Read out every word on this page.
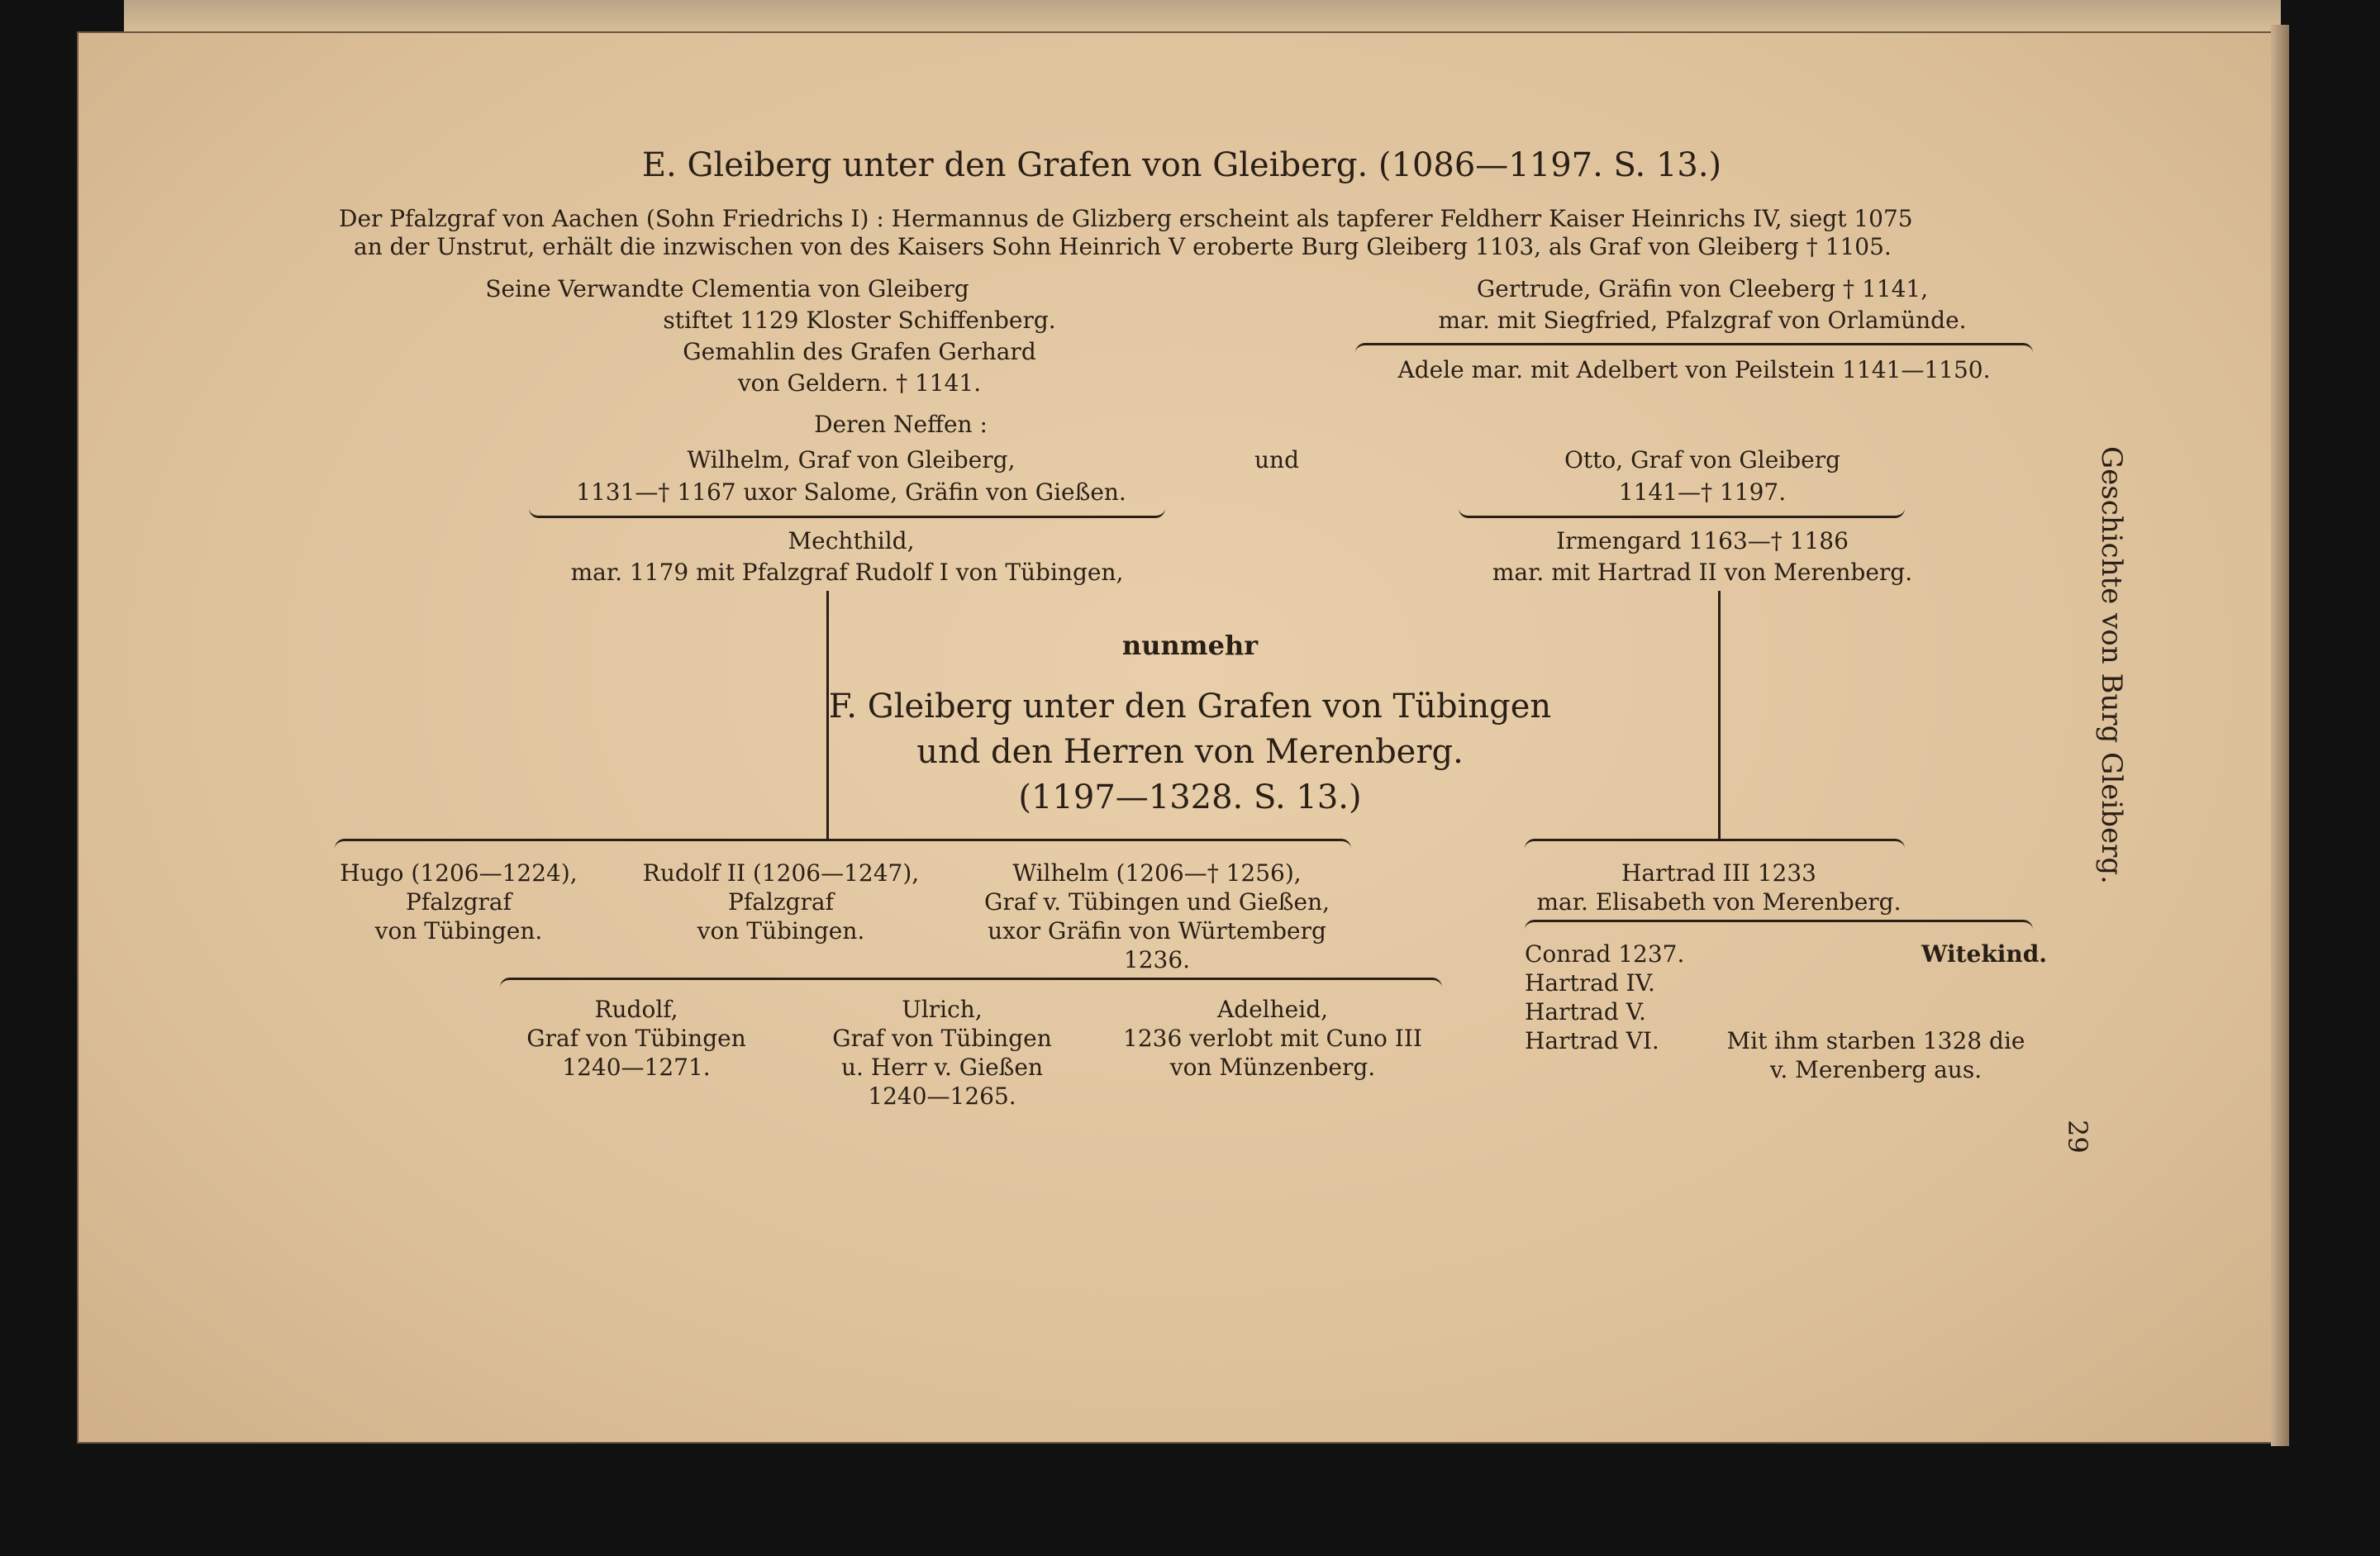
E. Gleiberg unter den Grafen von Gleiberg. (1086—1197. S. 13.)
Der Pfalzgraf von Aachen (Sohn Friedrichs I) : Hermannus de Glizberg erscheint als tapferer Feldherr Kaiser Heinrichs IV, siegt 1075
an der Unstrut, erhält die inzwischen von des Kaisers Sohn Heinrich V eroberte Burg Gleiberg 1103, als Graf von Gleiberg † 1105.
Seine Verwandte Clementia von Gleiberg
stiftet 1129 Kloster Schiffenberg.
Gemahlin des Grafen Gerhard
von Geldern. † 1141.
Gertrude, Gräfin von Cleeberg † 1141,
mar. mit Siegfried, Pfalzgraf von Orlamünde.
Adele mar. mit Adelbert von Peilstein 1141—1150.
Deren Neffen :
Wilhelm, Graf von Gleiberg,
1131—† 1167 uxor Salome, Gräfin von Gießen.
und	Otto, Graf von Gleiberg
1141—† 1197.
Mechthild,
mar. 1179 mit Pfalzgraf Rudolf I von Tübingen,
Irmengard 1163—† 1186
mar. mit Hartrad II von Merenberg.
nunmehr
F. Gleiberg unter den Grafen von Tübingen
und den Herren von Merenberg.
(1197—1328. S. 13.)
Hugo (1206—1224),
Pfalzgraf
von Tübingen.
Rudolf II (1206—1247),
Pfalzgraf
von Tübingen.
Wilhelm (1206—† 1256),
Graf v. Tübingen und Gießen,
uxor Gräfin von Würtemberg
1236.
Hartrad III 1233
mar. Elisabeth von Merenberg.
Rudolf,
Graf von Tübingen
1240—1271.
Ulrich,
Graf von Tübingen
u. Herr v. Gießen
1240—1265.
Adelheid,
1236 verlobt mit Cuno III
von Münzenberg.
Conrad 1237.
Hartrad IV.
Hartrad V.
Hartrad VI.
Witekind.
Mit ihm starben 1328 die
v. Merenberg aus.
Geschichte von Burg Gleiberg.
29
